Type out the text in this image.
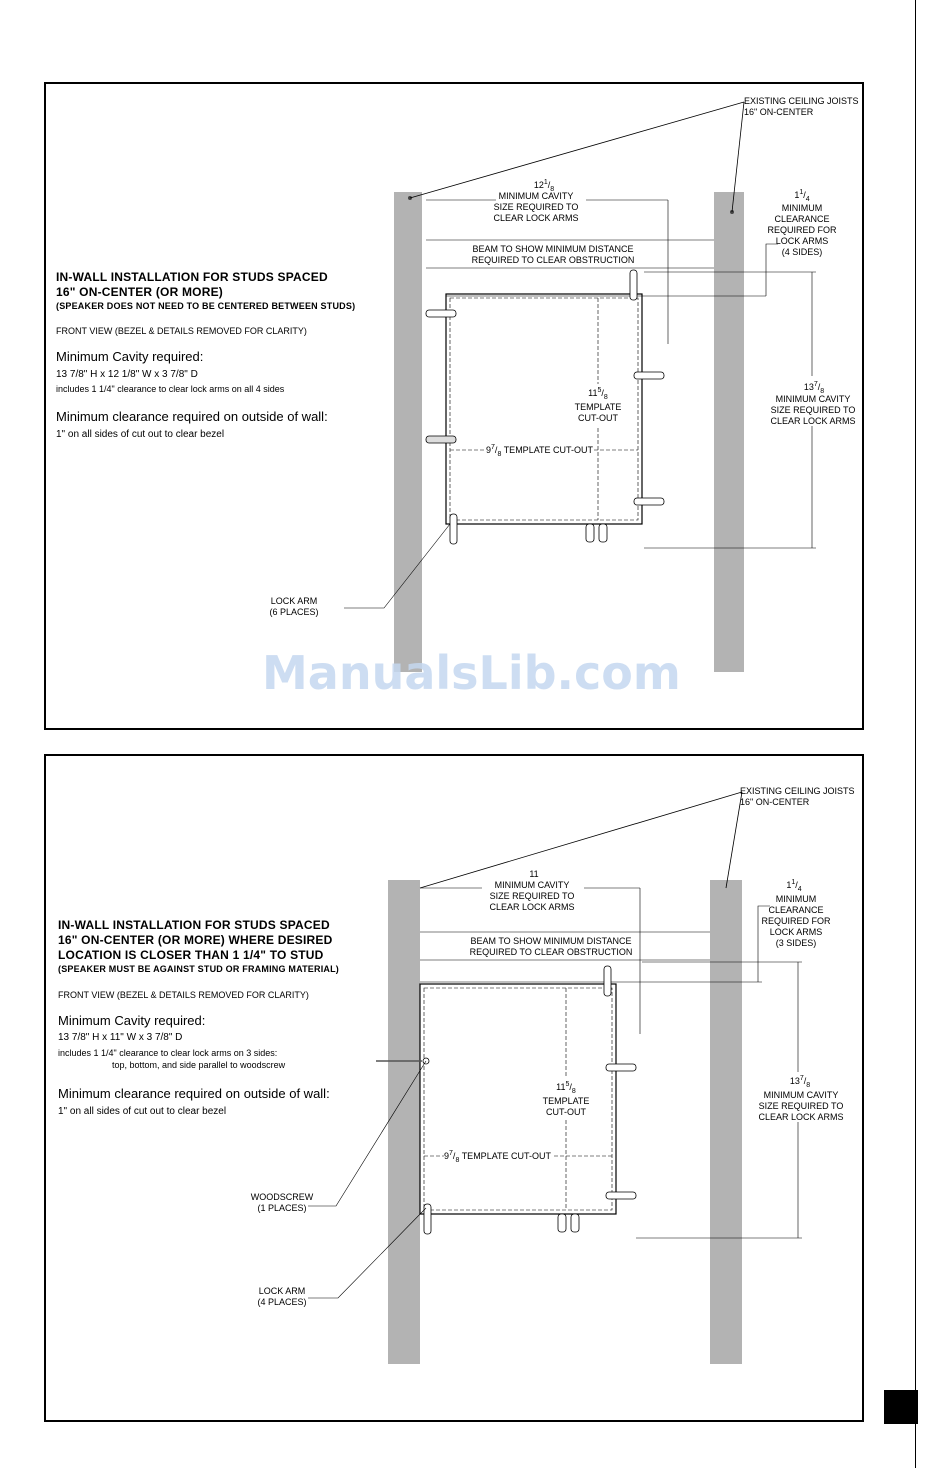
IN-WALL INSTALLATION FOR STUDS SPACED
16" ON-CENTER (OR MORE)
(SPEAKER DOES NOT NEED TO BE CENTERED BETWEEN STUDS)
FRONT VIEW (BEZEL & DETAILS REMOVED FOR CLARITY)
Minimum Cavity required:
13 7/8" H x 12 1/8" W x 3 7/8" D
includes 1 1/4" clearance to clear lock arms on all 4 sides
Minimum clearance required on outside of wall:
1" on all sides of cut out to clear bezel
EXISTING CEILING JOISTS
16" ON-CENTER
$12^1/_8$
MINIMUM CAVITY
SIZE REQUIRED TO
CLEAR LOCK ARMS
BEAM TO SHOW MINIMUM DISTANCE
REQUIRED TO CLEAR OBSTRUCTION
$1^1/_4$
MINIMUM
CLEARANCE
REQUIRED FOR
LOCK ARMS
(4 SIDES)
$11^5/_8$
TEMPLATE
CUT-OUT
$9^7/_8$ TEMPLATE CUT-OUT
$13^7/_8$
MINIMUM CAVITY
SIZE REQUIRED TO
CLEAR LOCK ARMS
LOCK ARM
(6 PLACES)
ManualsLib.com
IN-WALL INSTALLATION FOR STUDS SPACED
16" ON-CENTER (OR MORE) WHERE DESIRED
LOCATION IS CLOSER THAN 1 1/4" TO STUD
(SPEAKER MUST BE AGAINST STUD OR FRAMING MATERIAL)
FRONT VIEW (BEZEL & DETAILS REMOVED FOR CLARITY)
Minimum Cavity required:
13 7/8" H x 11" W x 3 7/8" D
includes 1 1/4" clearance to clear lock arms on 3 sides:
top, bottom, and side parallel to woodscrew
Minimum clearance required on outside of wall:
1" on all sides of cut out to clear bezel
EXISTING CEILING JOISTS
16" ON-CENTER
11
MINIMUM CAVITY
SIZE REQUIRED TO
CLEAR LOCK ARMS
BEAM TO SHOW MINIMUM DISTANCE
REQUIRED TO CLEAR OBSTRUCTION
$1^1/_4$
MINIMUM
CLEARANCE
REQUIRED FOR
LOCK ARMS
(3 SIDES)
$11^5/_8$
TEMPLATE
CUT-OUT
$9^7/_8$ TEMPLATE CUT-OUT
$13^7/_8$
MINIMUM CAVITY
SIZE REQUIRED TO
CLEAR LOCK ARMS
WOODSCREW
(1 PLACES)
LOCK ARM
(4 PLACES)
